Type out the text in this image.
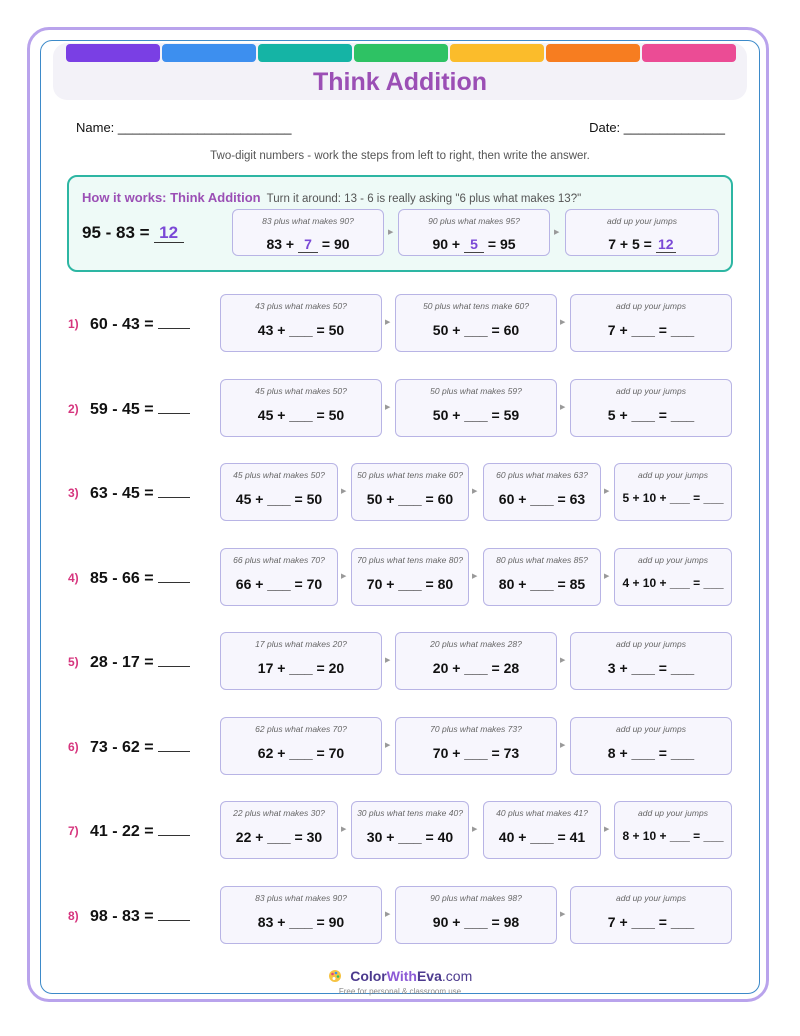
Think Addition
Name: ________________________	Date: ______________
Two-digit numbers - work the steps from left to right, then write the answer.
How it works: Think Addition Turn it around: 13 - 6 is really asking "6 plus what makes 13?"
95 - 83 = 12
83 plus what makes 90?
83 + 7 = 90
▶
90 plus what makes 95?
90 + 5 = 95
▶
add up your jumps
7 + 5 = 12
1) 60 - 43 =
43 plus what makes 50?
43 + ___ = 50	▶
50 plus what tens make 60?
50 + ___ = 60	▶
add up your jumps
7 + ___ = ___
2) 59 - 45 =
45 plus what makes 50?
45 + ___ = 50	▶
50 plus what makes 59?
50 + ___ = 59	▶
add up your jumps
5 + ___ = ___
3) 63 - 45 =
45 plus what makes 50?
45 + ___ = 50	▶
50 plus what tens make 60?
50 + ___ = 60	▶
60 plus what makes 63?
60 + ___ = 63	▶
add up your jumps
5 + 10 + ___ = ___
4) 85 - 66 =
66 plus what makes 70?
66 + ___ = 70	▶
70 plus what tens make 80?
70 + ___ = 80	▶
80 plus what makes 85?
80 + ___ = 85	▶
add up your jumps
4 + 10 + ___ = ___
5) 28 - 17 =
17 plus what makes 20?
17 + ___ = 20	▶
20 plus what makes 28?
20 + ___ = 28	▶
add up your jumps
3 + ___ = ___
6) 73 - 62 =
62 plus what makes 70?
62 + ___ = 70	▶
70 plus what makes 73?
70 + ___ = 73	▶
add up your jumps
8 + ___ = ___
7) 41 - 22 =
22 plus what makes 30?
22 + ___ = 30	▶
30 plus what tens make 40?
30 + ___ = 40	▶
40 plus what makes 41?
40 + ___ = 41	▶
add up your jumps
8 + 10 + ___ = ___
8) 98 - 83 =
83 plus what makes 90?
83 + ___ = 90	▶
90 plus what makes 98?
90 + ___ = 98	▶
add up your jumps
7 + ___ = ___
ColorWithEva.com
Free for personal & classroom use
